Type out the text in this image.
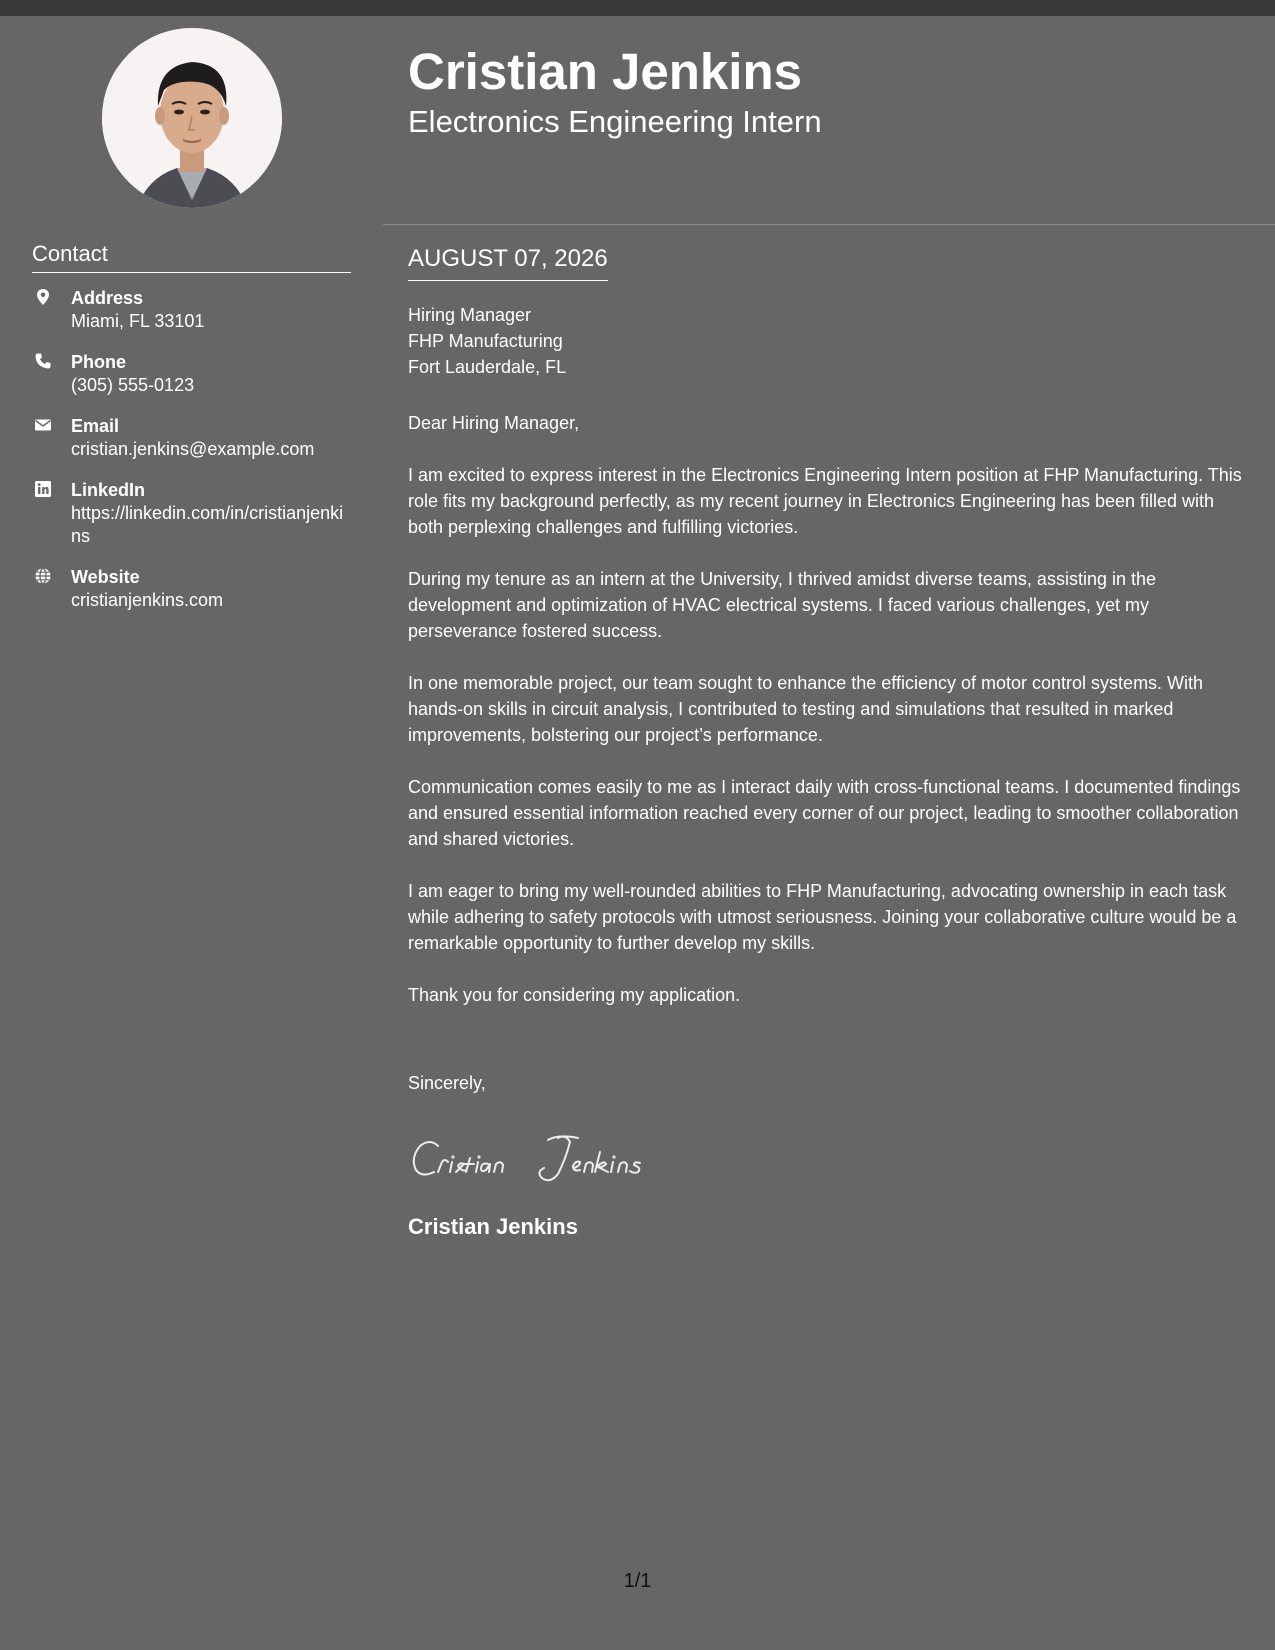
Contact
Address
Miami, FL 33101
Phone
(305) 555-0123
Email
cristian.jenkins@example.com
LinkedIn
https://linkedin.com/in/cristianjenkins
Website
cristianjenkins.com
Cristian Jenkins
Electronics Engineering Intern
AUGUST 07, 2026
Hiring Manager
FHP Manufacturing
Fort Lauderdale, FL

Dear Hiring Manager,

I am excited to express interest in the Electronics Engineering Intern position at FHP Manufacturing. This role fits my background perfectly, as my recent journey in Electronics Engineering has been filled with both perplexing challenges and fulfilling victories.

During my tenure as an intern at the University, I thrived amidst diverse teams, assisting in the development and optimization of HVAC electrical systems. I faced various challenges, yet my perseverance fostered success.

In one memorable project, our team sought to enhance the efficiency of motor control systems. With hands-on skills in circuit analysis, I contributed to testing and simulations that resulted in marked improvements, bolstering our project’s performance.

Communication comes easily to me as I interact daily with cross-functional teams. I documented findings and ensured essential information reached every corner of our project, leading to smoother collaboration and shared victories.

I am eager to bring my well-rounded abilities to FHP Manufacturing, advocating ownership in each task while adhering to safety protocols with utmost seriousness. Joining your collaborative culture would be a remarkable opportunity to further develop my skills.

Thank you for considering my application.

Sincerely,

Cristian Jenkins

1/1
